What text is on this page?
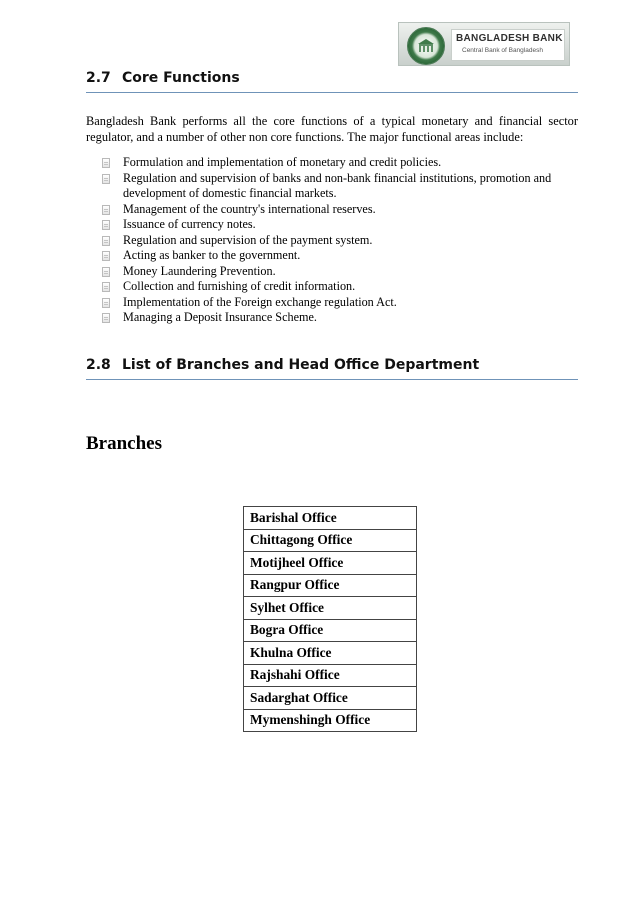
BANGLADESH BANK
Central Bank of Bangladesh
2.7 Core Functions

Bangladesh Bank performs all the core functions of a typical monetary and financial sector regulator, and a number of other non core functions. The major functional areas include:

Formulation and implementation of monetary and credit policies.
Regulation and supervision of banks and non-bank financial institutions, promotion and development of domestic financial markets.
Management of the country's international reserves.
Issuance of currency notes.
Regulation and supervision of the payment system.
Acting as banker to the government.
Money Laundering Prevention.
Collection and furnishing of credit information.
Implementation of the Foreign exchange regulation Act.
Managing a Deposit Insurance Scheme.
2.8 List of Branches and Head Office Department
Branches
Barishal Office
Chittagong Office
Motijheel Office
Rangpur Office
Sylhet Office
Bogra Office
Khulna Office
Rajshahi Office
Sadarghat Office
Mymenshingh Office
